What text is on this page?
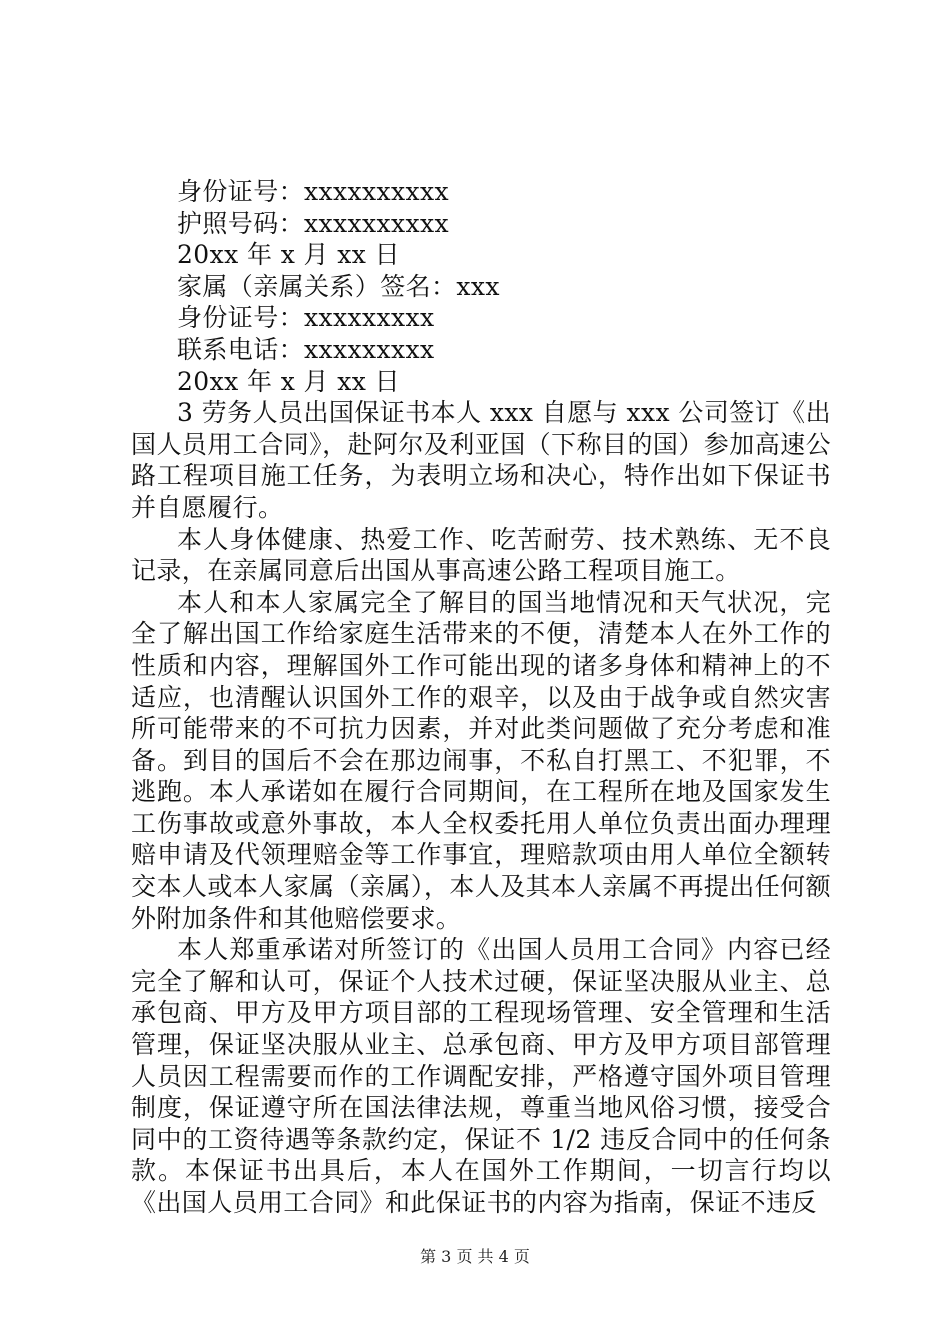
身份证号：xxxxxxxxxx
护照号码：xxxxxxxxxx
20xx 年 x 月 xx 日
家属（亲属关系）签名：xxx
身份证号：xxxxxxxxx
联系电话：xxxxxxxxx
20xx 年 x 月 xx 日
3 劳务人员出国保证书本人 xxx 自愿与 xxx 公司签订《出国人员用工合同》，赴阿尔及利亚国（下称目的国）参加高速公路工程项目施工任务，为表明立场和决心，特作出如下保证书并自愿履行。
本人身体健康、热爱工作、吃苦耐劳、技术熟练、无不良记录，在亲属同意后出国从事高速公路工程项目施工。
本人和本人家属完全了解目的国当地情况和天气状况，完全了解出国工作给家庭生活带来的不便，清楚本人在外工作的性质和内容，理解国外工作可能出现的诸多身体和精神上的不适应，也清醒认识国外工作的艰辛，以及由于战争或自然灾害所可能带来的不可抗力因素，并对此类问题做了充分考虑和准备。到目的国后不会在那边闹事，不私自打黑工、不犯罪，不逃跑。本人承诺如在履行合同期间，在工程所在地及国家发生工伤事故或意外事故，本人全权委托用人单位负责出面办理理赔申请及代领理赔金等工作事宜，理赔款项由用人单位全额转交本人或本人家属（亲属），本人及其本人亲属不再提出任何额外附加条件和其他赔偿要求。
本人郑重承诺对所签订的《出国人员用工合同》内容已经完全了解和认可，保证个人技术过硬，保证坚决服从业主、总承包商、甲方及甲方项目部的工程现场管理、安全管理和生活管理，保证坚决服从业主、总承包商、甲方及甲方项目部管理人员因工程需要而作的工作调配安排，严格遵守国外项目管理制度，保证遵守所在国法律法规，尊重当地风俗习惯，接受合同中的工资待遇等条款约定，保证不 1/2 违反合同中的任何条款。本保证书出具后，本人在国外工作期间，一切言行均以《出国人员用工合同》和此保证书的内容为指南，保证不违反
第 3 页 共 4 页
